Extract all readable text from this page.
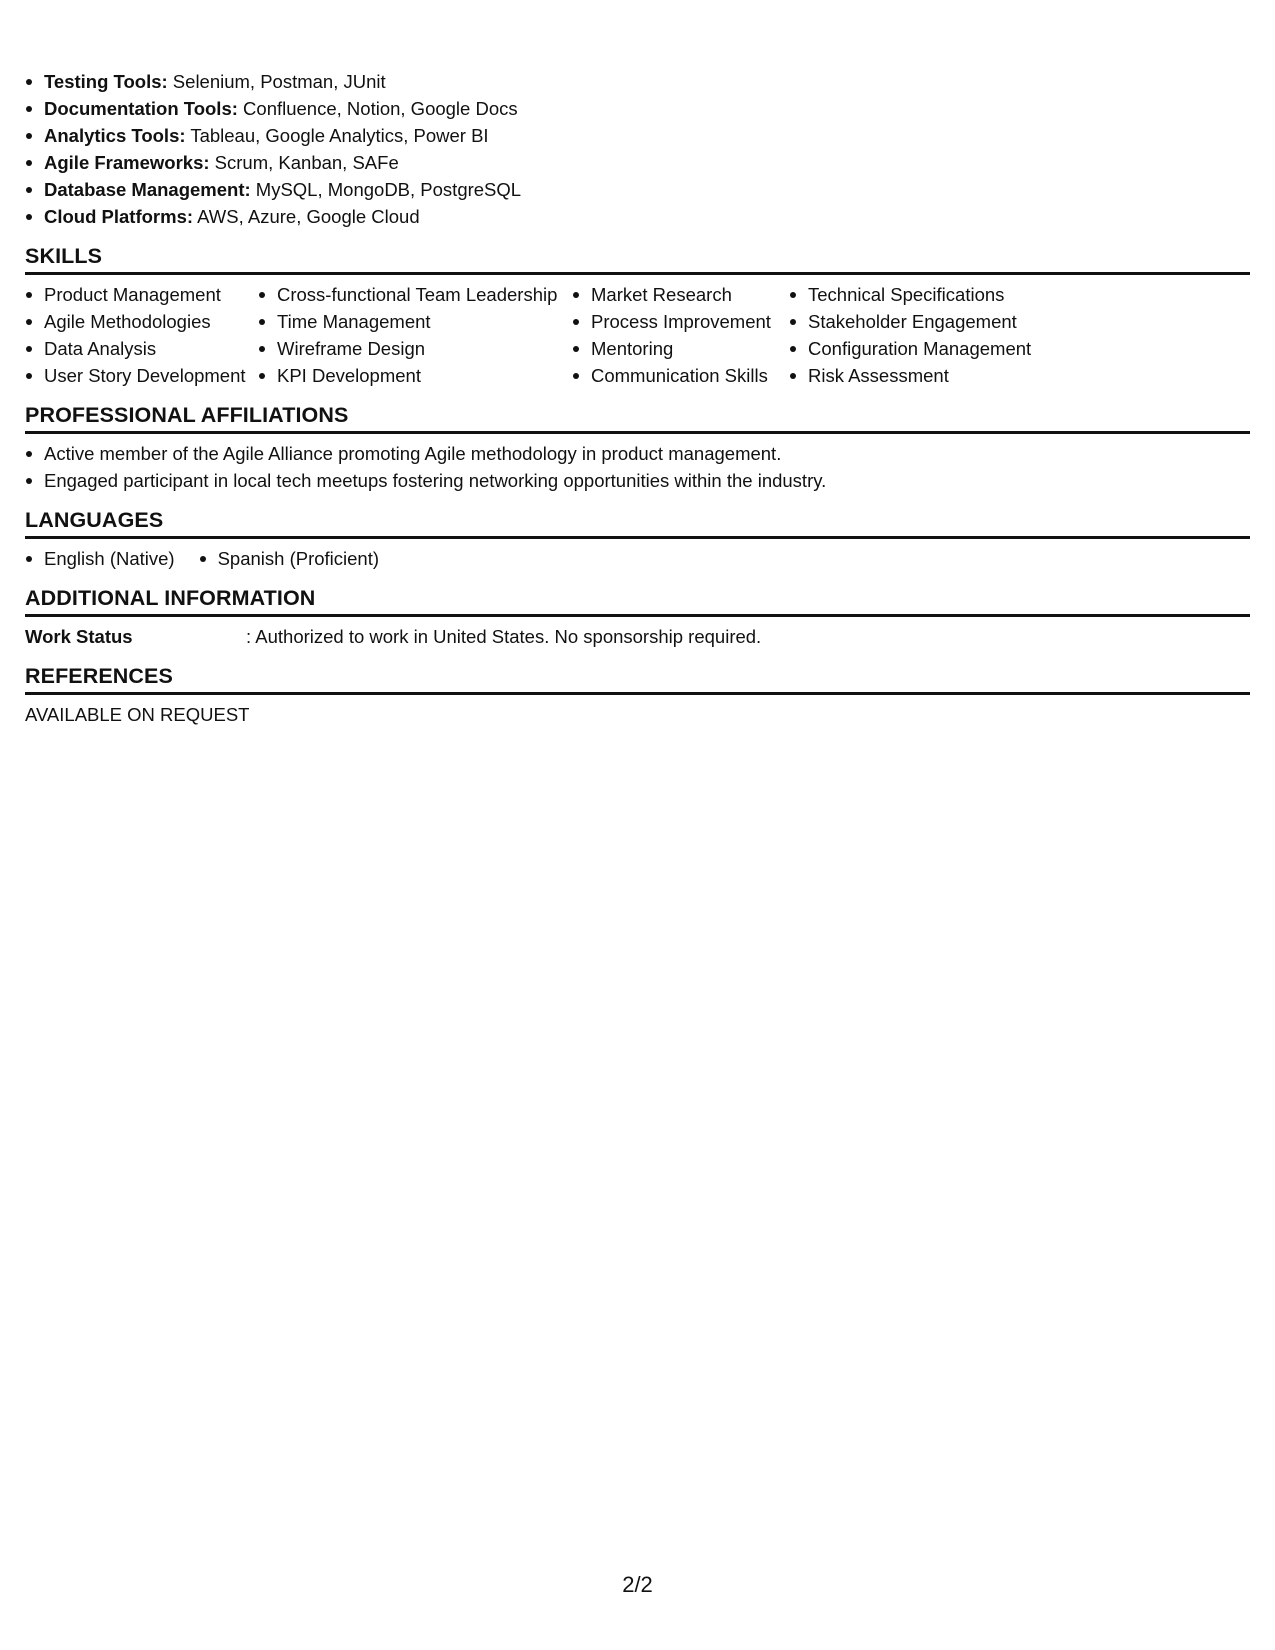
Testing Tools: Selenium, Postman, JUnit
Documentation Tools: Confluence, Notion, Google Docs
Analytics Tools: Tableau, Google Analytics, Power BI
Agile Frameworks: Scrum, Kanban, SAFe
Database Management: MySQL, MongoDB, PostgreSQL
Cloud Platforms: AWS, Azure, Google Cloud
SKILLS
Product Management
Agile Methodologies
Data Analysis
User Story Development
Cross-functional Team Leadership
Time Management
Wireframe Design
KPI Development
Market Research
Process Improvement
Mentoring
Communication Skills
Technical Specifications
Stakeholder Engagement
Configuration Management
Risk Assessment
PROFESSIONAL AFFILIATIONS
Active member of the Agile Alliance promoting Agile methodology in product management.
Engaged participant in local tech meetups fostering networking opportunities within the industry.
LANGUAGES
English (Native)	Spanish (Proficient)
ADDITIONAL INFORMATION
Work Status	: Authorized to work in United States. No sponsorship required.
REFERENCES
AVAILABLE ON REQUEST
2/2
